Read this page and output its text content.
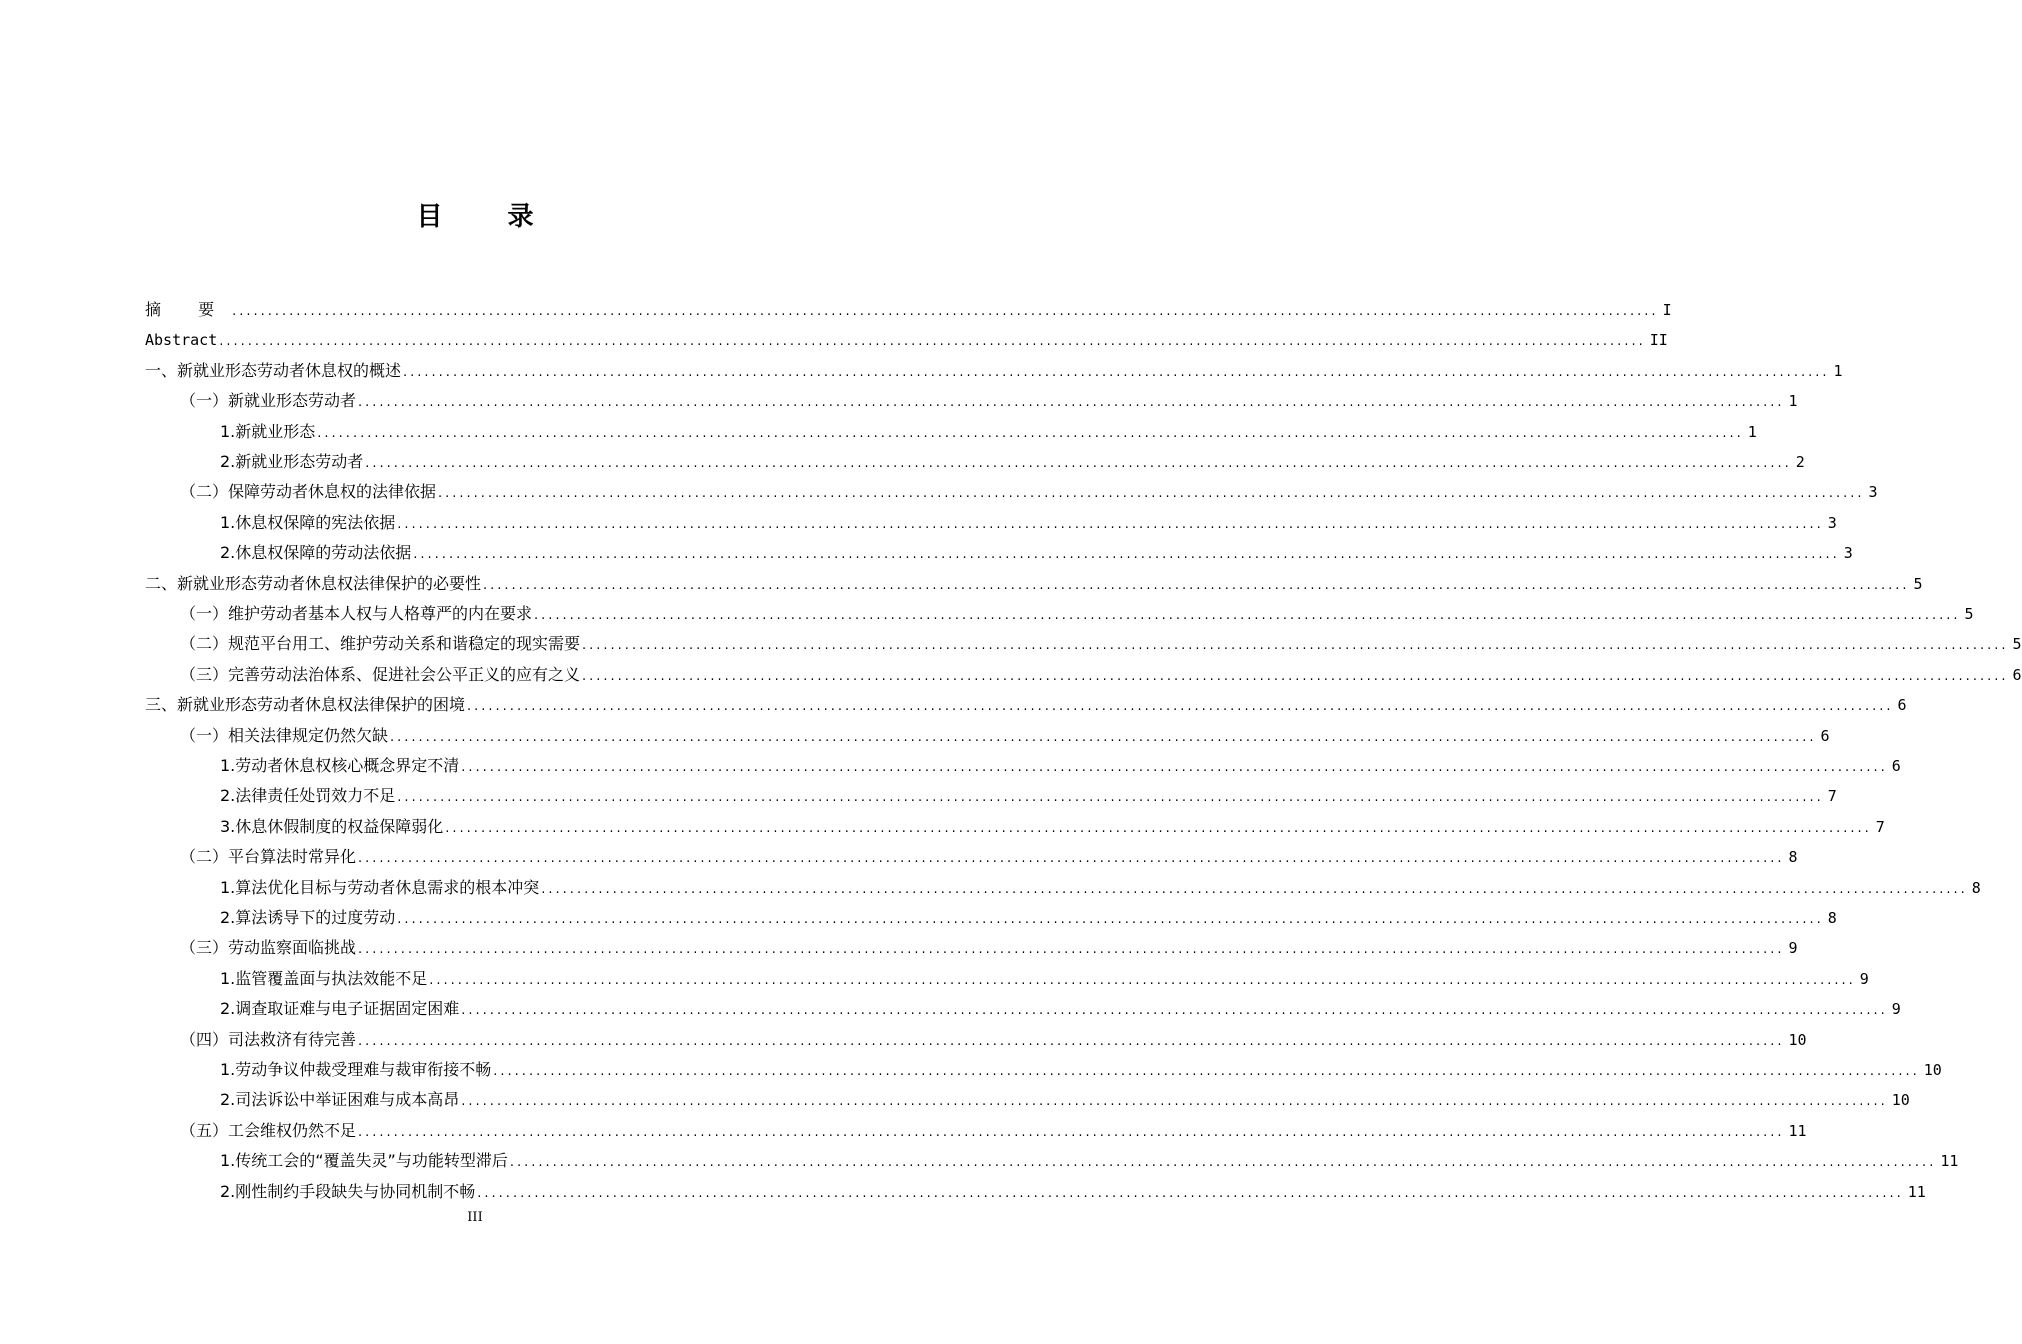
目 录
摘 要 ........................................................................................................................................................................................................ I
Abstract ........................................................................................................................................................................................................ II
一、新就业形态劳动者休息权的概述 ........................................................................................................................................................................................................ 1
（一）新就业形态劳动者 ........................................................................................................................................................................................................ 1
1.新就业形态 ........................................................................................................................................................................................................ 1
2.新就业形态劳动者 ........................................................................................................................................................................................................ 2
（二）保障劳动者休息权的法律依据 ........................................................................................................................................................................................................ 3
1.休息权保障的宪法依据 ........................................................................................................................................................................................................ 3
2.休息权保障的劳动法依据 ........................................................................................................................................................................................................ 3
二、新就业形态劳动者休息权法律保护的必要性 ........................................................................................................................................................................................................ 5
（一）维护劳动者基本人权与人格尊严的内在要求 ........................................................................................................................................................................................................ 5
（二）规范平台用工、维护劳动关系和谐稳定的现实需要 ........................................................................................................................................................................................................ 5
（三）完善劳动法治体系、促进社会公平正义的应有之义 ........................................................................................................................................................................................................ 6
三、新就业形态劳动者休息权法律保护的困境 ........................................................................................................................................................................................................ 6
（一）相关法律规定仍然欠缺 ........................................................................................................................................................................................................ 6
1.劳动者休息权核心概念界定不清 ........................................................................................................................................................................................................ 6
2.法律责任处罚效力不足 ........................................................................................................................................................................................................ 7
3.休息休假制度的权益保障弱化 ........................................................................................................................................................................................................ 7
（二）平台算法时常异化 ........................................................................................................................................................................................................ 8
1.算法优化目标与劳动者休息需求的根本冲突 ........................................................................................................................................................................................................ 8
2.算法诱导下的过度劳动 ........................................................................................................................................................................................................ 8
（三）劳动监察面临挑战 ........................................................................................................................................................................................................ 9
1.监管覆盖面与执法效能不足 ........................................................................................................................................................................................................ 9
2.调查取证难与电子证据固定困难 ........................................................................................................................................................................................................ 9
（四）司法救济有待完善 ........................................................................................................................................................................................................ 10
1.劳动争议仲裁受理难与裁审衔接不畅 ........................................................................................................................................................................................................ 10
2.司法诉讼中举证困难与成本高昂 ........................................................................................................................................................................................................ 10
（五）工会维权仍然不足 ........................................................................................................................................................................................................ 11
1.传统工会的“覆盖失灵”与功能转型滞后 ........................................................................................................................................................................................................ 11
2.刚性制约手段缺失与协同机制不畅 ........................................................................................................................................................................................................ 11
III
